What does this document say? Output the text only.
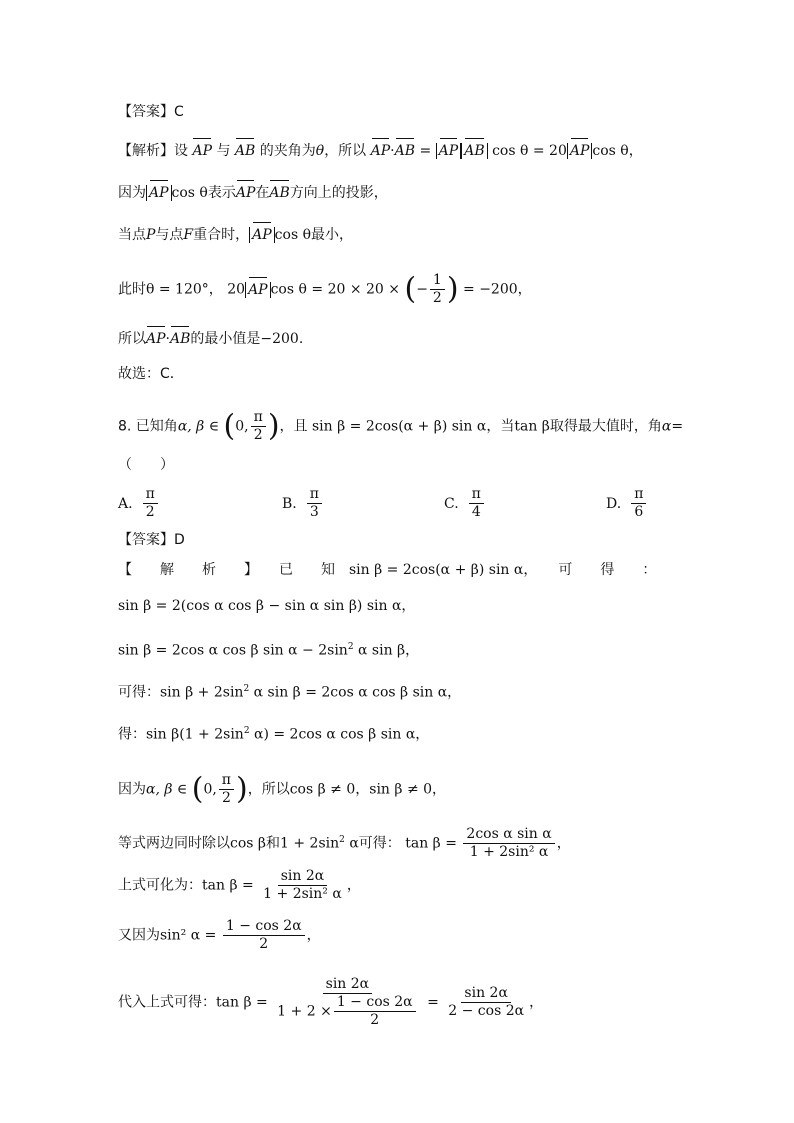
【答案】C
【解析】设 AP 与 AB 的夹角为θ，所以 AP·AB = AP AB cos θ = 20 AP cos θ，
因为 AP cos θ表示AP在AB方向上的投影，
当点P与点F重合时， AP cos θ最小，
此时θ = 120°， 20 AP cos θ = 20 × 20 × (− $\frac{1}{2}$ ) = −200，
所以AP·AB的最小值是−200.
故选：C．
8. 已知角α, β ∈ (0, $\frac{\pi}{2}$ )，且 sin β = 2cos(α + β) sin α，当tan β取得最大值时，角α=
（　　）
A. $\frac{\pi}{2}$	B. $\frac{\pi}{3}$	C. $\frac{\pi}{4}$	D. $\frac{\pi}{6}$
【答案】D
【　　解　　析　　】　　已　　知　 sin β = 2cos(α + β) sin α，　　可　　得　　：
sin β = 2(cos α cos β − sin α sin β) sin α，
sin β = 2cos α cos β $\sin \alpha - 2\sin^2$ α sin β，
可得：$\sin \beta + 2\sin^2$ α sin β = 2cos α cos β sin α，
得：$\sin \beta(1 + 2\sin^2$ α) = 2cos α cos β sin α，
因为α, β ∈ (0, $\frac{\pi}{2}$ )，所以cos β ≠ 0，sin β ≠ 0，
等式两边同时除以cos β和$1 + 2\sin^2$ α可得： $\tan \beta = \frac{\text{2cos α sin α}}{\text{1 + 2sin² α}}$ ，
上式可化为：$\tan \beta = \frac{\sin 2\alpha}{\text{1 + 2sin² α}}$ ，
又因为sin² $\alpha = \frac{1 - \cos 2\alpha}{2}$ ，
代入上式可得：$\tan \beta = \frac{\sin 2\alpha}{1 + 2 \times \frac{1 - \cos 2\alpha}{2}} = \frac{\sin 2\alpha}{2 - \cos 2\alpha}$ ，
